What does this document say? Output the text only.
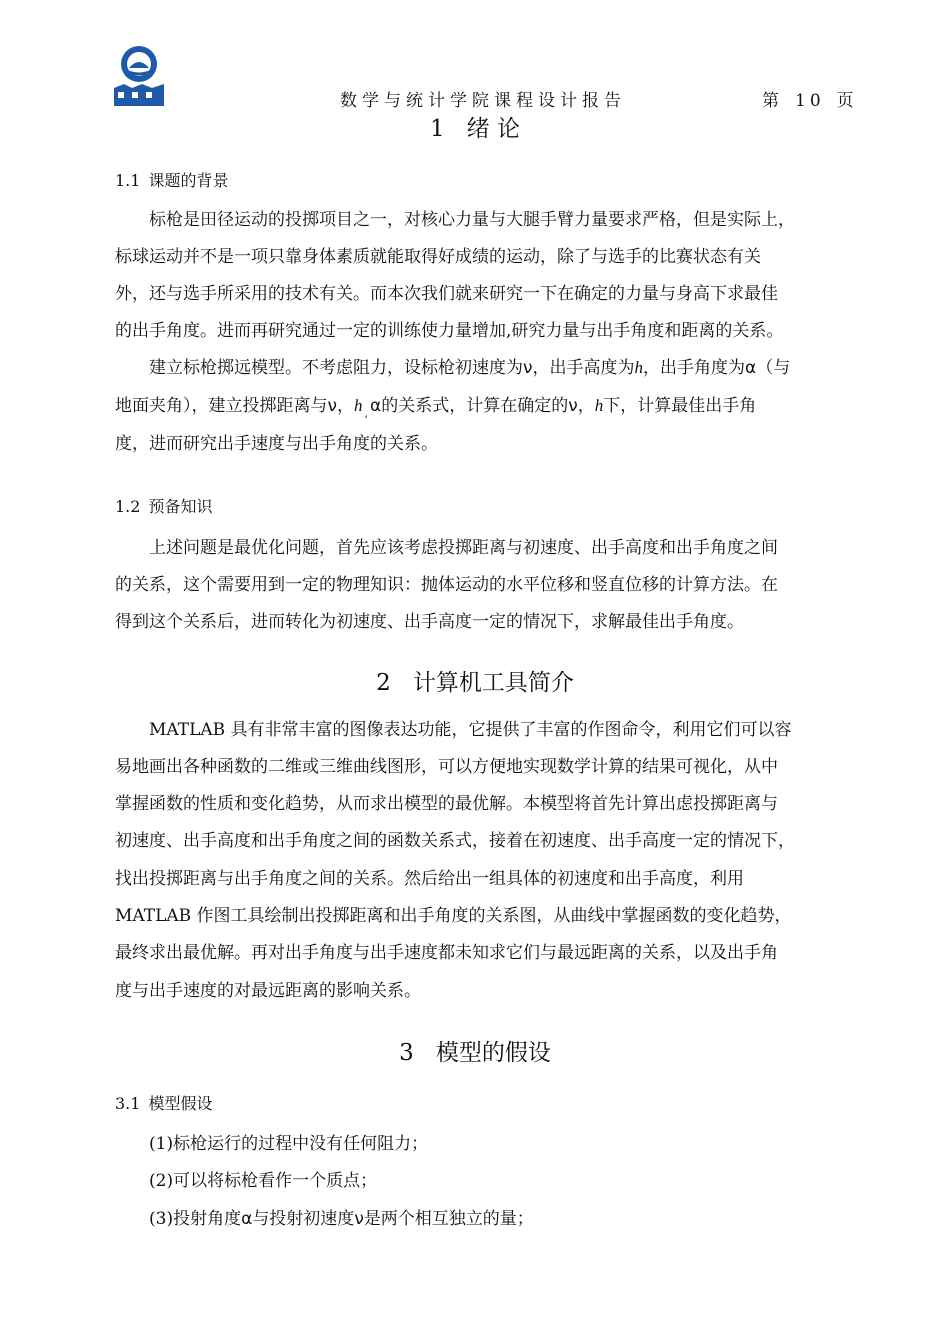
数学与统计学院课程设计报告	第 10 页
1 绪 论
1.1 课题的背景
标枪是田径运动的投掷项目之一，对核心力量与大腿手臂力量要求严格，但是实际上，
标球运动并不是一项只靠身体素质就能取得好成绩的运动，除了与选手的比赛状态有关
外，还与选手所采用的技术有关。而本次我们就来研究一下在确定的力量与身高下求最佳
的出手角度。进而再研究通过一定的训练使力量增加,研究力量与出手角度和距离的关系。
建立标枪掷远模型。不考虑阻力，设标枪初速度为ν，出手高度为h，出手角度为α（与
地面夹角），建立投掷距离与ν，h $_,$ α的关系式，计算在确定的ν，h下，计算最佳出手角
度，进而研究出手速度与出手角度的关系。
1.2 预备知识
上述问题是最优化问题，首先应该考虑投掷距离与初速度、出手高度和出手角度之间
的关系，这个需要用到一定的物理知识：抛体运动的水平位移和竖直位移的计算方法。在
得到这个关系后，进而转化为初速度、出手高度一定的情况下，求解最佳出手角度。
2 计算机工具简介
MATLAB 具有非常丰富的图像表达功能，它提供了丰富的作图命令，利用它们可以容
易地画出各种函数的二维或三维曲线图形，可以方便地实现数学计算的结果可视化，从中
掌握函数的性质和变化趋势，从而求出模型的最优解。本模型将首先计算出虑投掷距离与
初速度、出手高度和出手角度之间的函数关系式，接着在初速度、出手高度一定的情况下，
找出投掷距离与出手角度之间的关系。然后给出一组具体的初速度和出手高度，利用
MATLAB 作图工具绘制出投掷距离和出手角度的关系图，从曲线中掌握函数的变化趋势，
最终求出最优解。再对出手角度与出手速度都未知求它们与最远距离的关系，以及出手角
度与出手速度的对最远距离的影响关系。
3 模型的假设
3.1 模型假设
(1)标枪运行的过程中没有任何阻力；
(2)可以将标枪看作一个质点；
(3)投射角度α与投射初速度ν是两个相互独立的量；
